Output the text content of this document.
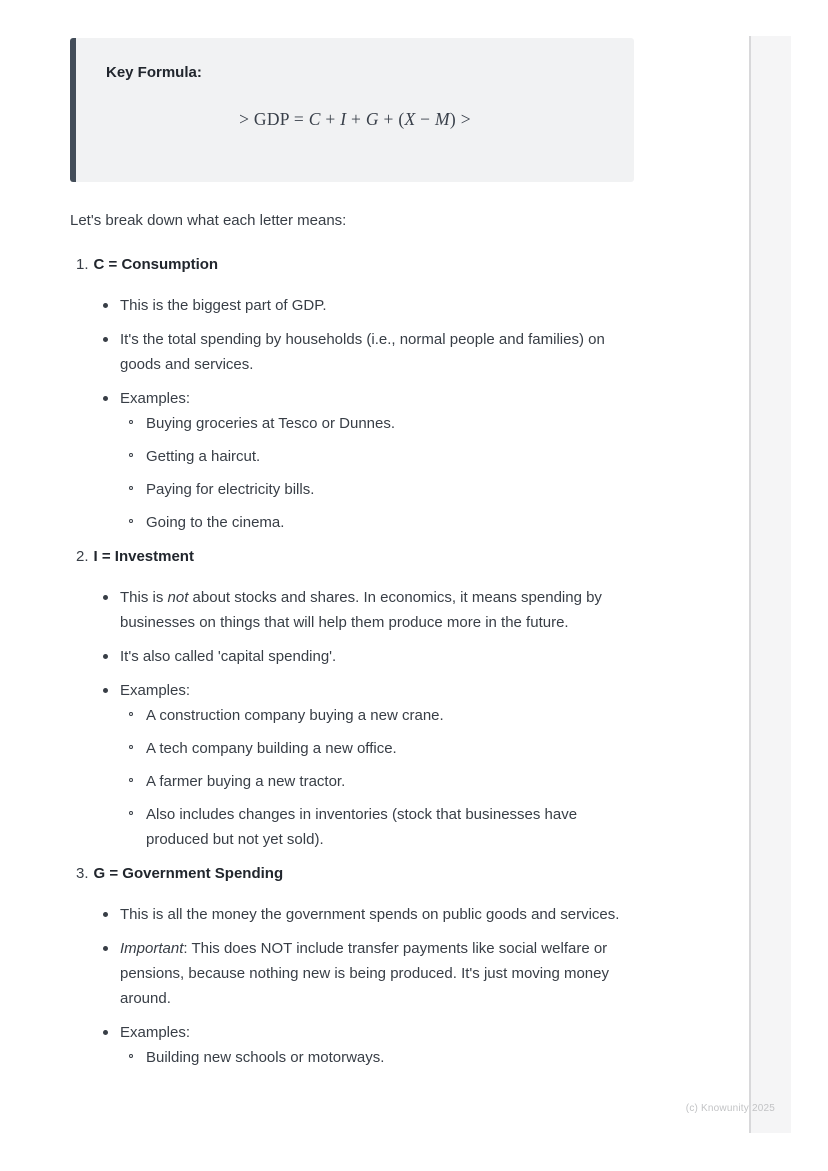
Key Formula:
> GDP = C + I + G + (X − M) >

Let's break down what each letter means:

1. C = Consumption
This is the biggest part of GDP.
It's the total spending by households (i.e., normal people and families) on goods and services.
Examples:
Buying groceries at Tesco or Dunnes.
Getting a haircut.
Paying for electricity bills.
Going to the cinema.
2. I = Investment
This is not about stocks and shares. In economics, it means spending by businesses on things that will help them produce more in the future.
It's also called 'capital spending'.
Examples:
A construction company buying a new crane.
A tech company building a new office.
A farmer buying a new tractor.
Also includes changes in inventories (stock that businesses have produced but not yet sold).
3. G = Government Spending
This is all the money the government spends on public goods and services.
Important: This does NOT include transfer payments like social welfare or pensions, because nothing new is being produced. It's just moving money around.
Examples:
Building new schools or motorways.
(c) Knowunity 2025
